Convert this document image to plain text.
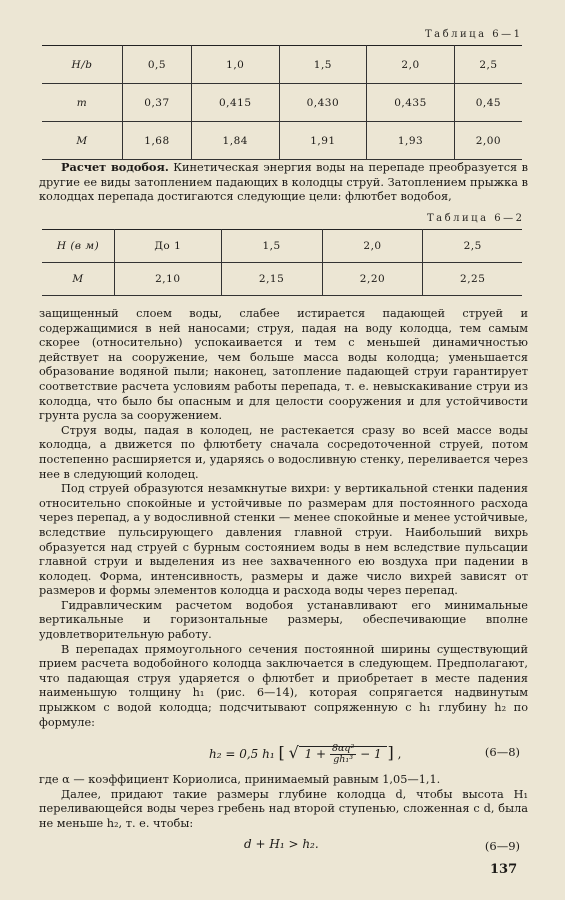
Таблица 6—1
H/b	0,5	1,0	1,5	2,0	2,5
m	0,37	0,415	0,430	0,435	0,45
M	1,68	1,84	1,91	1,93	2,00

Расчет водобоя. Кинетическая энергия воды на перепаде преобразуется в другие ее виды затоплением падающих в колодцы струй. Затоплением прыжка в колодцах перепада достигаются следующие цели: флютбет водобоя,

Таблица 6—2
H (в м)	До 1	1,5	2,0	2,5
M	2,10	2,15	2,20	2,25

защищенный слоем воды, слабее истирается падающей струей и содержащимися в ней наносами; струя, падая на воду колодца, тем самым скорее (относительно) успокаивается и тем с меньшей динамичностью действует на сооружение, чем больше масса воды колодца; уменьшается образование водяной пыли; наконец, затопление падающей струи гарантирует соответствие расчета условиям работы перепада, т. е. невыскакивание струи из колодца, что было бы опасным и для целости сооружения и для устойчивости грунта русла за сооружением.

Струя воды, падая в колодец, не растекается сразу во всей массе воды колодца, а движется по флютбету сначала сосредоточенной струей, потом постепенно расширяется и, ударяясь о водосливную стенку, переливается через нее в следующий колодец.

Под струей образуются незамкнутые вихри: у вертикальной стенки падения относительно спокойные и устойчивые по размерам для постоянного расхода через перепад, а у водосливной стенки — менее спокойные и менее устойчивые, вследствие пульсирующего давления главной струи. Наибольший вихрь образуется над струей с бурным состоянием воды в нем вследствие пульсации главной струи и выделения из нее захваченного ею воздуха при падении в колодец. Форма, интенсивность, размеры и даже число вихрей зависят от размеров и формы элементов колодца и расхода воды через перепад.

Гидравлическим расчетом водобоя устанавливают его минимальные вертикальные и горизонтальные размеры, обеспечивающие вполне удовлетворительную работу.

В перепадах прямоугольного сечения постоянной ширины существующий прием расчета водобойного колодца заключается в следующем. Предполагают, что падающая струя ударяется о флютбет и приобретает в месте падения наименьшую толщину h₁ (рис. 6—14), которая сопрягается надвинутым прыжком с водой колодца; подсчитывают сопряженную с h₁ глубину h₂ по формуле:

h₂ = 0,5 h₁ [ √ $1 + \frac{\text{8αq²}}{\text{gh₁³}} - 1$ ] ,	(6—8)

где α — коэффициент Кориолиса, принимаемый равным 1,05—1,1.

Далее, придают такие размеры глубине колодца d, чтобы высота H₁ переливающейся воды через гребень над второй ступенью, сложенная с d, была не меньше h₂, т. е. чтобы:

d + H₁ > h₂.	(6—9)
137
